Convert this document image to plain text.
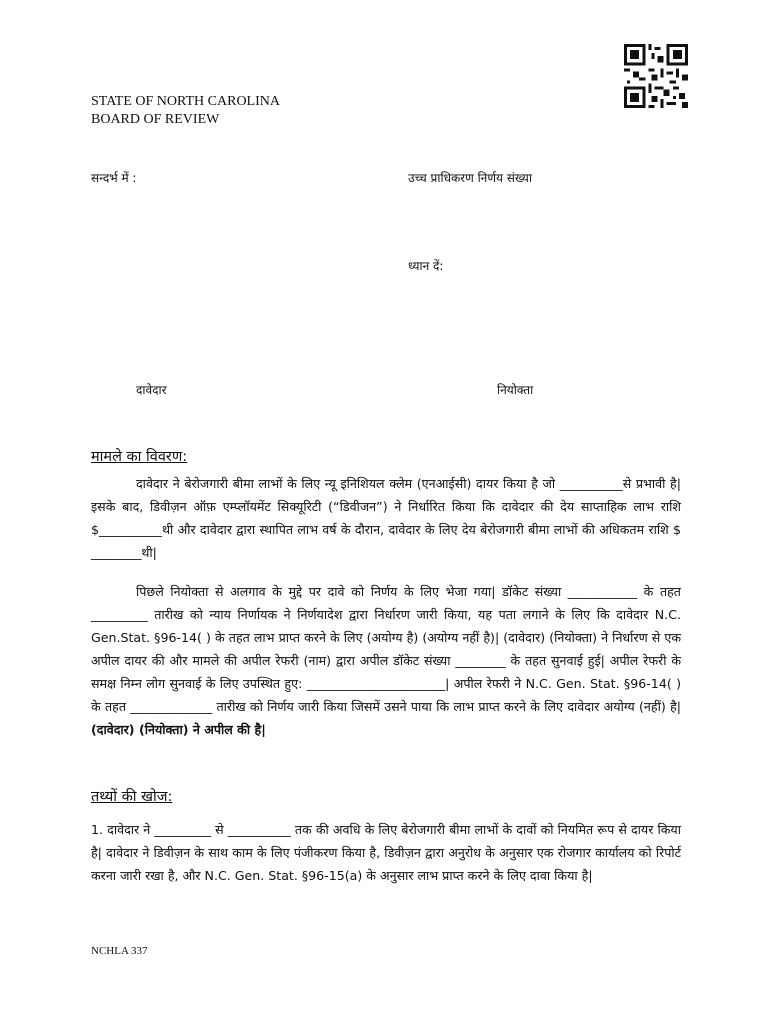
STATE OF NORTH CAROLINA
BOARD OF REVIEW
सन्दर्भ में :	उच्च प्राधिकरण निर्णय संख्या
ध्यान दें:
दावेदार	नियोक्ता
मामले का विवरण:

दावेदार ने बेरोजगारी बीमा लाभों के लिए न्यू इनिशियल क्लेम (एनआईसी) दायर किया है जो __________से प्रभावी है| इसके बाद, डिवीज़न ऑफ़ एम्प्लॉयमेंट सिक्यूरिटी (“डिवीजन”) ने निर्धारित किया कि दावेदार की देय साप्ताहिक लाभ राशि $__________थी और दावेदार द्वारा स्थापित लाभ वर्ष के दौरान, दावेदार के लिए देय बेरोजगारी बीमा लाभों की अधिकतम राशि $ ________थी|

पिछले नियोक्ता से अलगाव के मुद्दे पर दावे को निर्णय के लिए भेजा गया| डॉकेट संख्या ___________ के तहत _________ तारीख को न्याय निर्णायक ने निर्णयादेश द्वारा निर्धारण जारी किया, यह पता लगाने के लिए कि दावेदार N.C. Gen.Stat. §96-14( ) के तहत लाभ प्राप्त करने के लिए (अयोग्य है) (अयोग्य नहीं है)| (दावेदार) (नियोक्ता) ने निर्धारण से एक अपील दायर की और मामले की अपील रेफरी (नाम) द्वारा अपील डॉकेट संख्या ________ के तहत सुनवाई हुई| अपील रेफरी के समक्ष निम्न लोग सुनवाई के लिए उपस्थित हुए: ______________________| अपील रेफरी ने N.C. Gen. Stat. §96-14( ) के तहत _____________ तारीख को निर्णय जारी किया जिसमें उसने पाया कि लाभ प्राप्त करने के लिए दावेदार अयोग्य (नहीं) है| (दावेदार) (नियोक्ता) ने अपील की है|

तथ्यों की खोज:

1. दावेदार ने _________ से __________ तक की अवधि के लिए बेरोजगारी बीमा लाभों के दावों को नियमित रूप से दायर किया है| दावेदार ने डिवीज़न के साथ काम के लिए पंजीकरण किया है, डिवीज़न द्वारा अनुरोध के अनुसार एक रोजगार कार्यालय को रिपोर्ट करना जारी रखा है, और N.C. Gen. Stat. §96-15(a) के अनुसार लाभ प्राप्त करने के लिए दावा किया है|

NCHLA 337
